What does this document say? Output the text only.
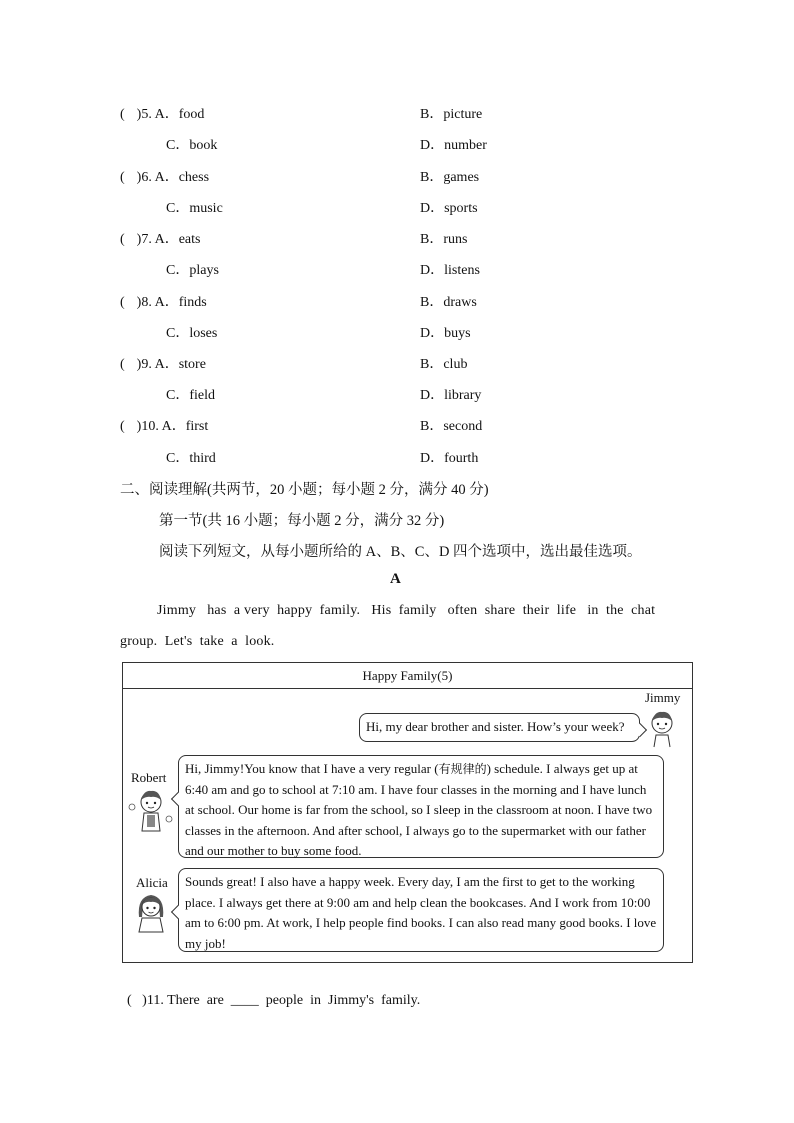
( )5. A．food	B．picture
C．book	D．number
( )6. A．chess	B．games
C．music	D．sports
( )7. A．eats	B．runs
C．plays	D．listens
( )8. A．finds	B．draws
C．loses	D．buys
( )9. A．store	B．club
C．field	D．library
( )10. A．first	B．second
C．third	D．fourth
二、阅读理解(共两节，20 小题；每小题 2 分，满分 40 分)
第一节(共 16 小题；每小题 2 分，满分 32 分)
阅读下列短文，从每小题所给的 A、B、C、D 四个选项中，选出最佳选项。
A
Jimmy   has  a very  happy  family.   His  family   often  share  their  life   in  the  chat
group.  Let's  take  a  look.
Happy Family(5)
Jimmy
Hi, my dear brother and sister. How’s your week?
Robert
Hi, Jimmy!You know that I have a very regular (有规律的) schedule. I always get up at 6:40 am and go to school at 7:10 am. I have four classes in the morning and I have lunch at school. Our home is far from the school, so I sleep in the classroom at noon. I have two classes in the afternoon. And after school, I always go to the supermarket with our father and our mother to buy some food.
Alicia	Sounds great! I also have a happy week. Every day, I am the first to get to the working place. I always get there at 9:00 am and help clean the bookcases. And I work from 10:00 am to 6:00 pm. At work, I help people find books. I can also read many good books. I love my job!

( )11. There  are  ____  people  in  Jimmy's  family.
